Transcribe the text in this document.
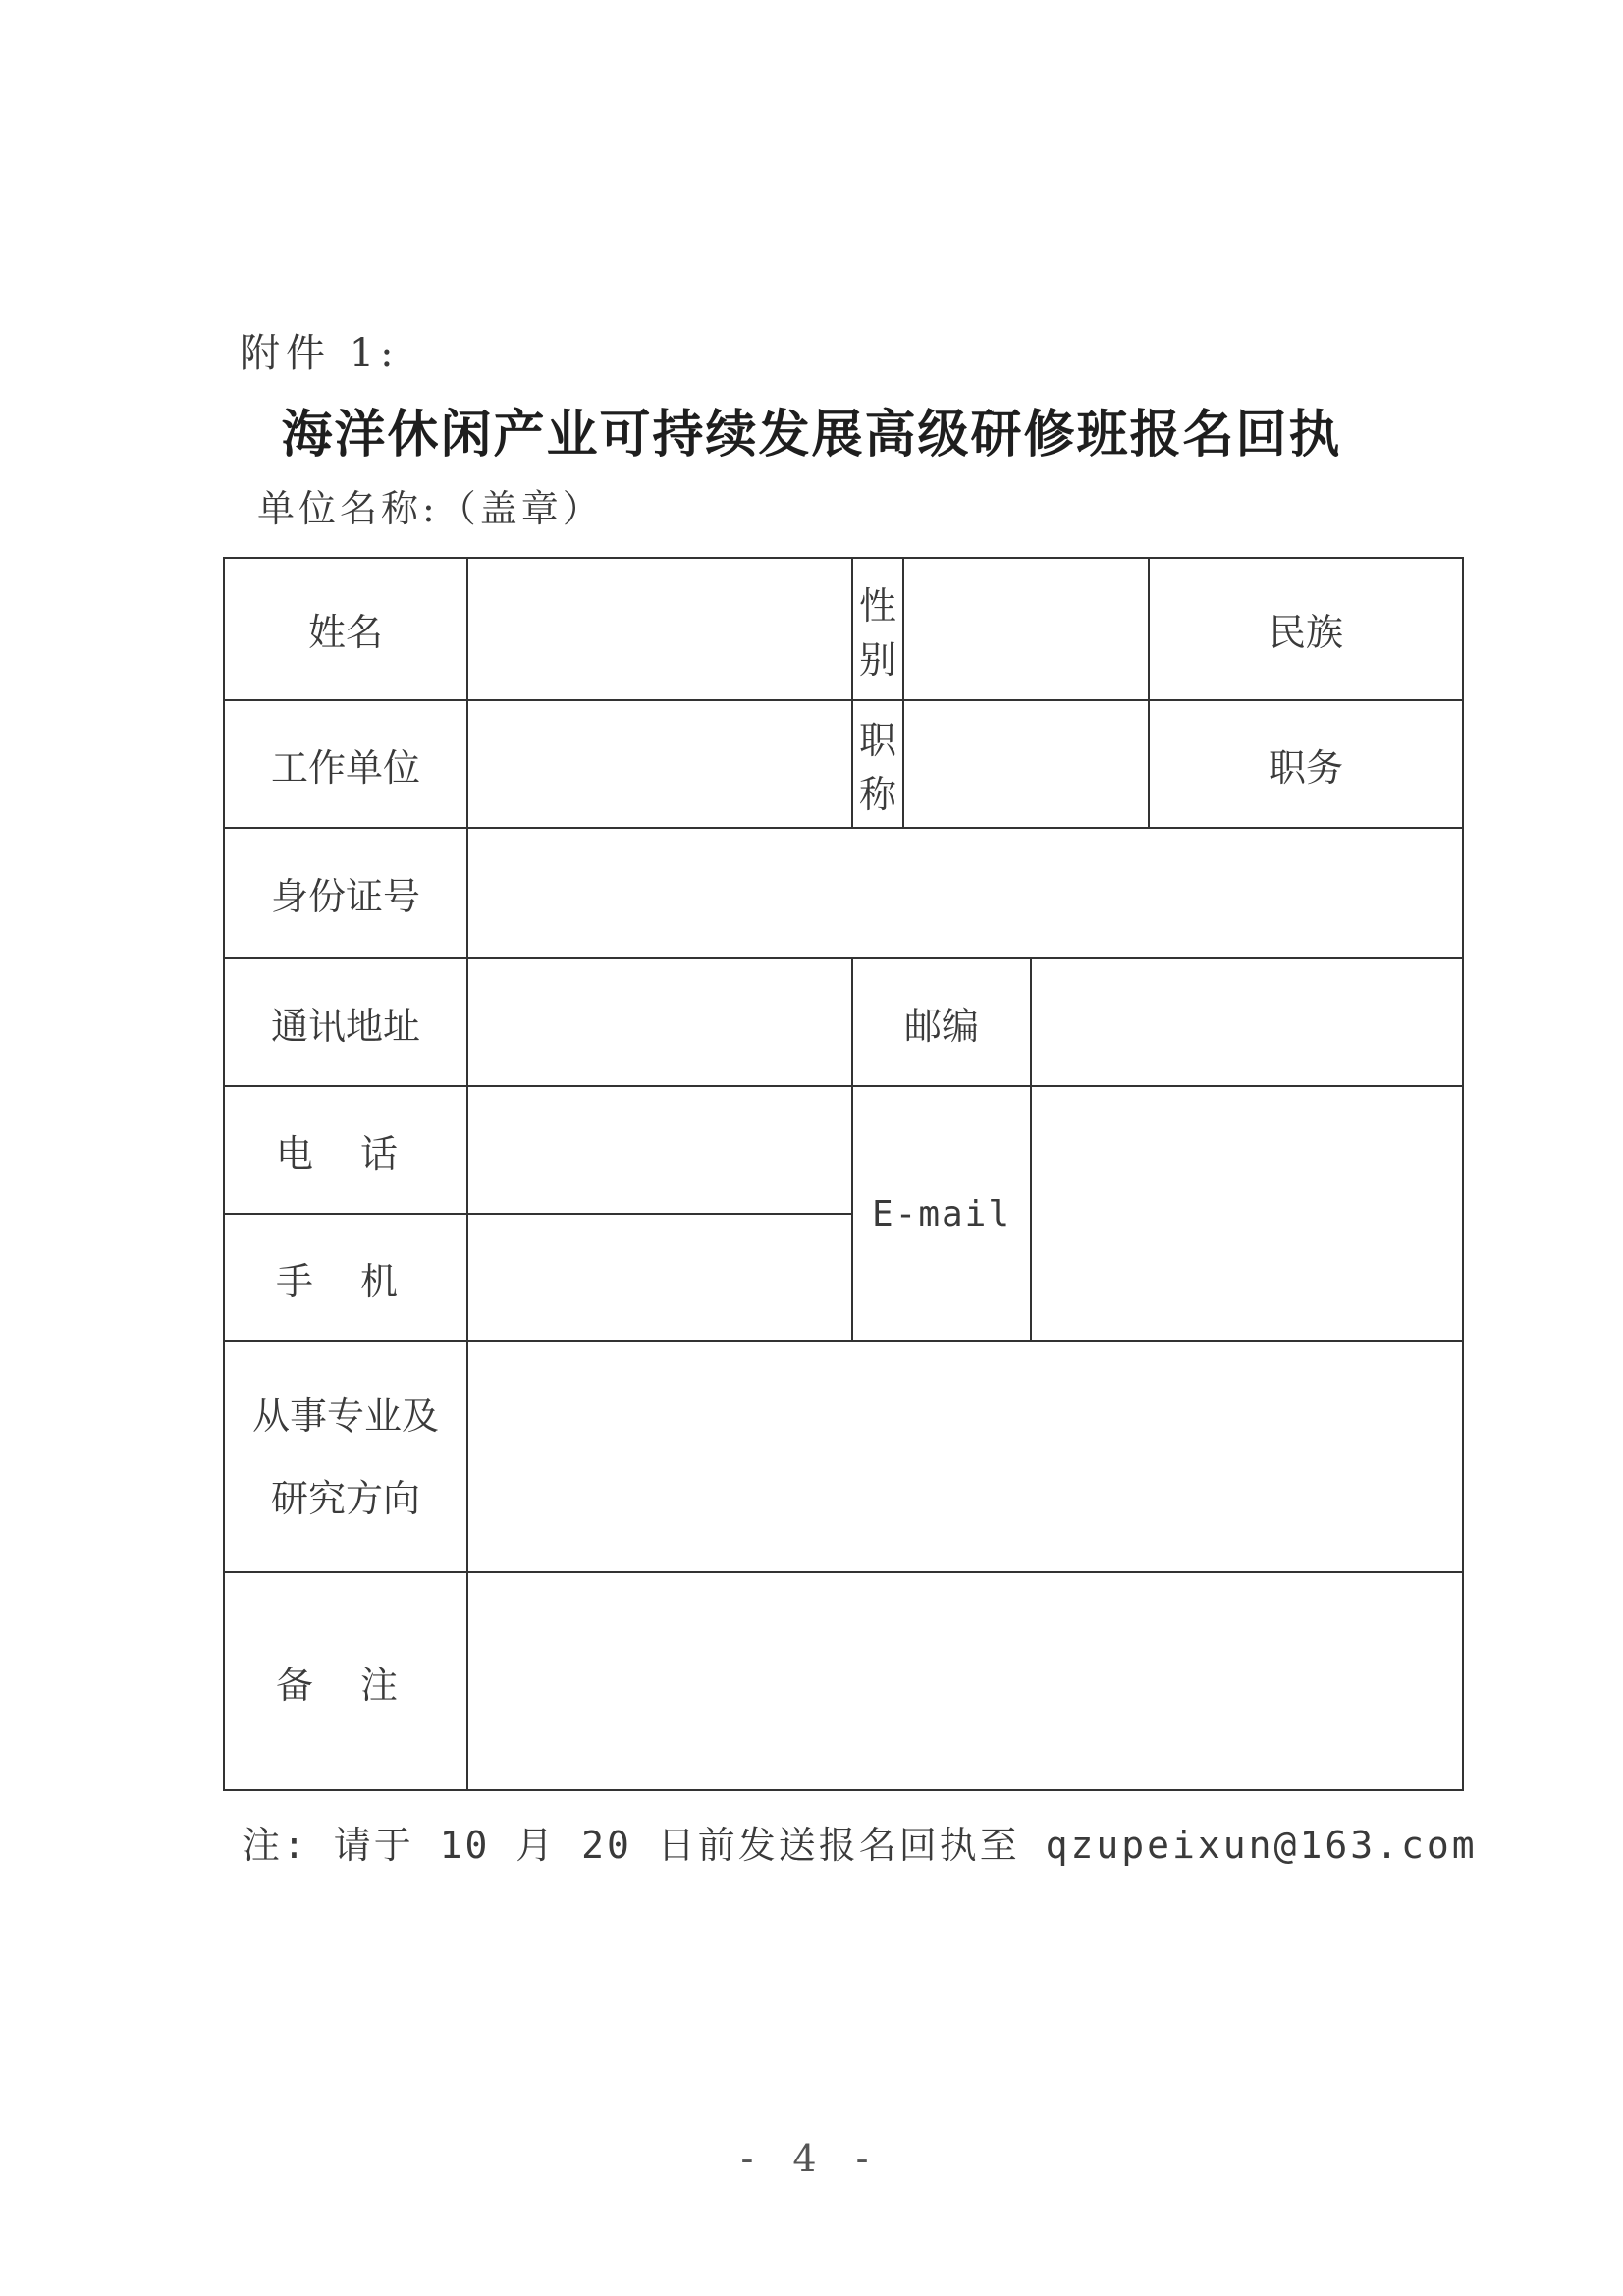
附件 1:
海洋休闲产业可持续发展高级研修班报名回执
单位名称:（盖章）
姓名		性别			民族
工作单位		职称			职务
身份证号					
通讯地址		邮编			
电 话		E-mail			
手 机					

从事专业及
研究方向					

备 注					
注: 请于 10 月 20 日前发送报名回执至 qzupeixun@163.com
- 4 -
